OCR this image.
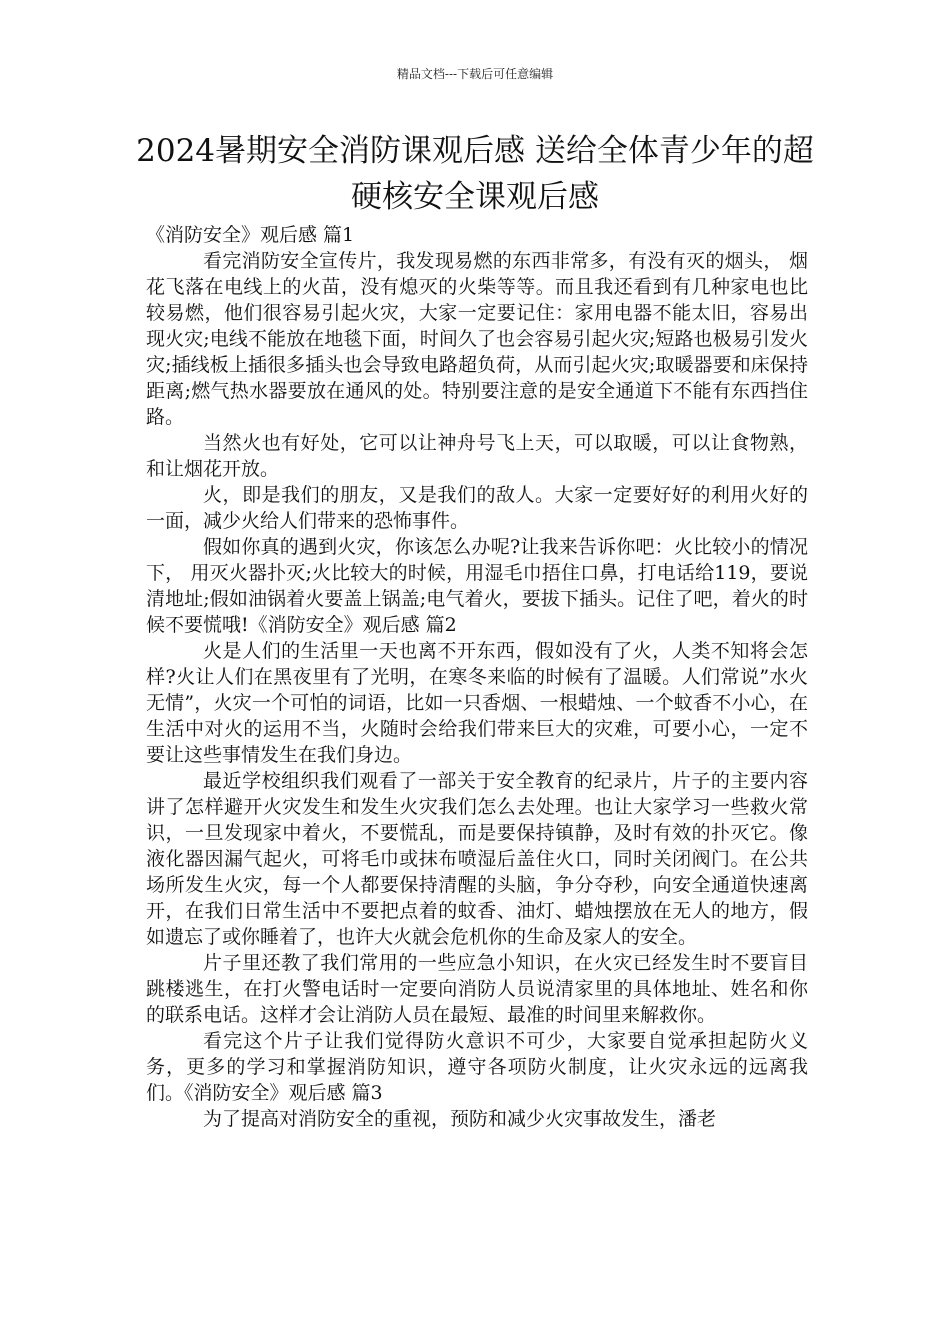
精品文档---下载后可任意编辑
2024暑期安全消防课观后感 送给全体青少年的超硬核安全课观后感

《消防安全》观后感 篇1

看完消防安全宣传片，我发现易燃的东西非常多，有没有灭的烟头， 烟花飞落在电线上的火苗，没有熄灭的火柴等等。而且我还看到有几种家电也比较易燃，他们很容易引起火灾，大家一定要记住：家用电器不能太旧，容易出现火灾;电线不能放在地毯下面，时间久了也会容易引起火灾;短路也极易引发火灾;插线板上插很多插头也会导致电路超负荷，从而引起火灾;取暖器要和床保持距离;燃气热水器要放在通风的处。特别要注意的是安全通道下不能有东西挡住路。

当然火也有好处，它可以让神舟号飞上天，可以取暖，可以让食物熟，和让烟花开放。

火，即是我们的朋友，又是我们的敌人。大家一定要好好的利用火好的一面，减少火给人们带来的恐怖事件。

假如你真的遇到火灾，你该怎么办呢?让我来告诉你吧：火比较小的情况下， 用灭火器扑灭;火比较大的时候，用湿毛巾捂住口鼻，打电话给119，要说清地址;假如油锅着火要盖上锅盖;电气着火，要拔下插头。记住了吧，着火的时候不要慌哦!《消防安全》观后感 篇2

火是人们的生活里一天也离不开东西，假如没有了火，人类不知将会怎样?火让人们在黑夜里有了光明，在寒冬来临的时候有了温暖。人们常说”水火无情”，火灾一个可怕的词语，比如一只香烟、一根蜡烛、一个蚊香不小心，在生活中对火的运用不当，火随时会给我们带来巨大的灾难，可要小心，一定不要让这些事情发生在我们身边。

最近学校组织我们观看了一部关于安全教育的纪录片，片子的主要内容讲了怎样避开火灾发生和发生火灾我们怎么去处理。也让大家学习一些救火常识，一旦发现家中着火，不要慌乱，而是要保持镇静，及时有效的扑灭它。像液化器因漏气起火，可将毛巾或抹布喷湿后盖住火口，同时关闭阀门。在公共场所发生火灾，每一个人都要保持清醒的头脑，争分夺秒，向安全通道快速离开，在我们日常生活中不要把点着的蚊香、油灯、蜡烛摆放在无人的地方，假如遗忘了或你睡着了，也许大火就会危机你的生命及家人的安全。

片子里还教了我们常用的一些应急小知识，在火灾已经发生时不要盲目跳楼逃生，在打火警电话时一定要向消防人员说清家里的具体地址、姓名和你的联系电话。这样才会让消防人员在最短、最准的时间里来解救你。

看完这个片子让我们觉得防火意识不可少，大家要自觉承担起防火义务，更多的学习和掌握消防知识，遵守各项防火制度，让火灾永远的远离我们。《消防安全》观后感 篇3

为了提高对消防安全的重视，预防和减少火灾事故发生，潘老
